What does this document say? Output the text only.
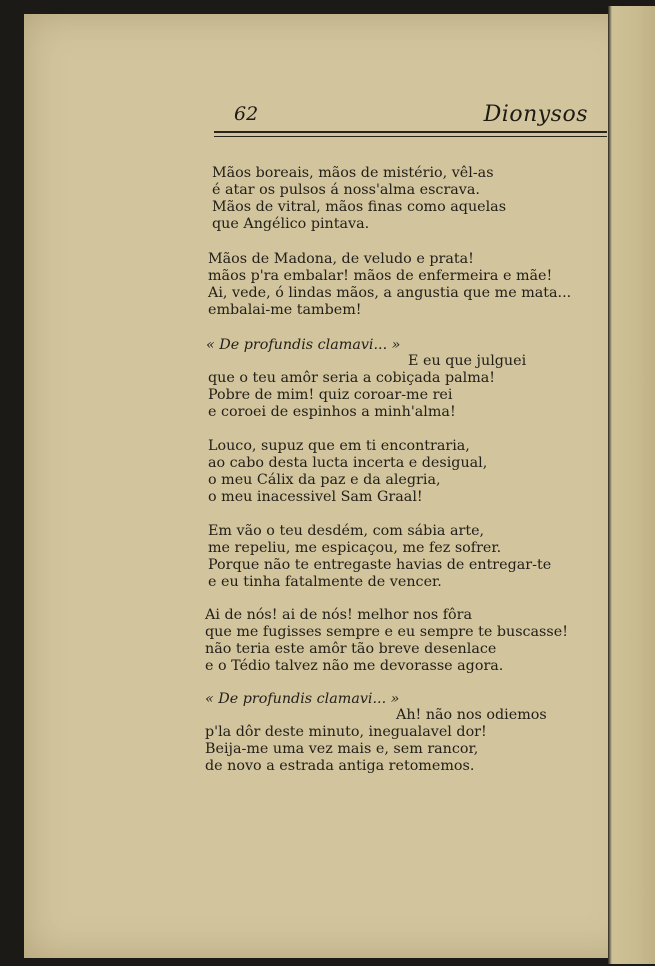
62	Dionysos
Mãos boreais, mãos de mistério, vêl-as
é atar os pulsos á noss'alma escrava.
Mãos de vitral, mãos finas como aquelas
que Angélico pintava.
Mãos de Madona, de veludo e prata!
mãos p'ra embalar! mãos de enfermeira e mãe!
Ai, vede, ó lindas mãos, a angustia que me mata...
embalai-me tambem!
« De profundis clamavi... »
E eu que julguei
que o teu amôr seria a cobiçada palma!
Pobre de mim! quiz coroar-me rei
e coroei de espinhos a minh'alma!
Louco, supuz que em ti encontraria,
ao cabo desta lucta incerta e desigual,
o meu Cálix da paz e da alegria,
o meu inacessivel Sam Graal!
Em vão o teu desdém, com sábia arte,
me repeliu, me espicaçou, me fez sofrer.
Porque não te entregaste havias de entregar-te
e eu tinha fatalmente de vencer.
Ai de nós! ai de nós! melhor nos fôra
que me fugisses sempre e eu sempre te buscasse!
não teria este amôr tão breve desenlace
e o Tédio talvez não me devorasse agora.
« De profundis clamavi... »
Ah! não nos odiemos
p'la dôr deste minuto, inegualavel dor!
Beija-me uma vez mais e, sem rancor,
de novo a estrada antiga retomemos.
